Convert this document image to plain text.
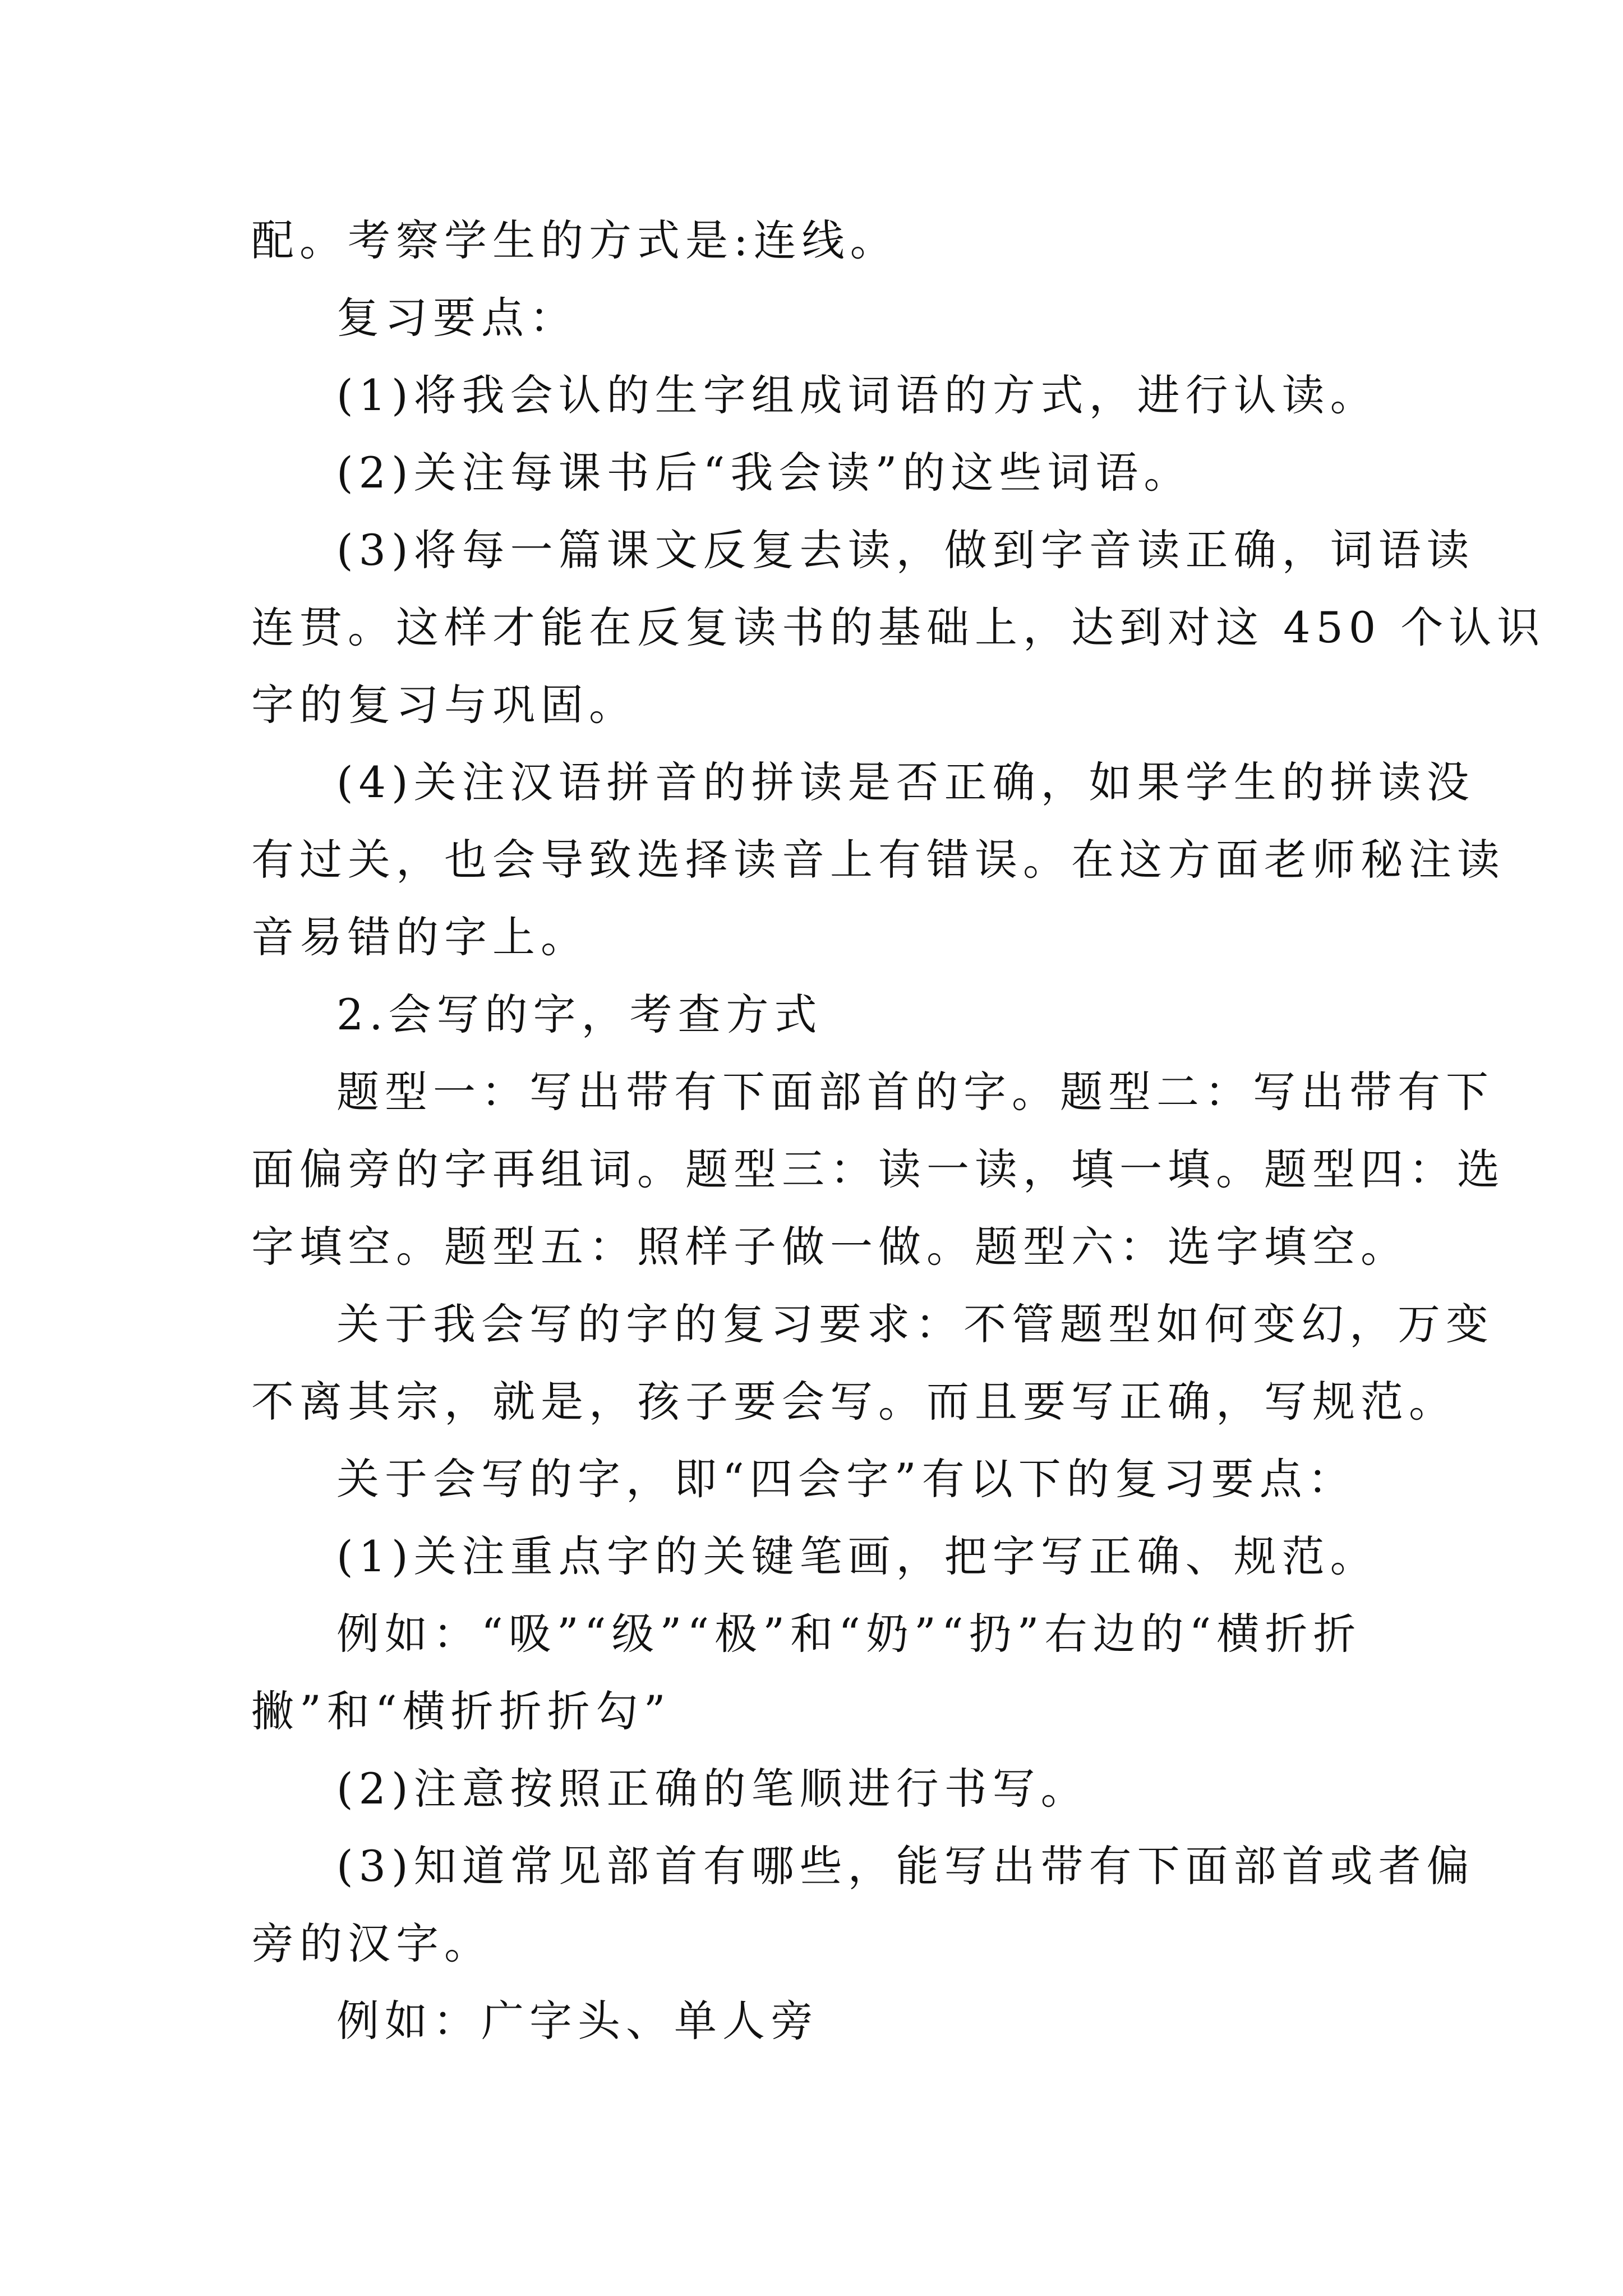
配。考察学生的方式是:连线。
复习要点：
(1)将我会认的生字组成词语的方式，进行认读。
(2)关注每课书后“我会读”的这些词语。
(3)将每一篇课文反复去读，做到字音读正确，词语读
连贯。这样才能在反复读书的基础上，达到对这 450 个认识
字的复习与巩固。
(4)关注汉语拼音的拼读是否正确，如果学生的拼读没
有过关，也会导致选择读音上有错误。在这方面老师秘注读
音易错的字上。
2.会写的字，考查方式
题型一：写出带有下面部首的字。题型二：写出带有下
面偏旁的字再组词。题型三：读一读，填一填。题型四：选
字填空。题型五：照样子做一做。题型六：选字填空。
关于我会写的字的复习要求：不管题型如何变幻，万变
不离其宗，就是，孩子要会写。而且要写正确，写规范。
关于会写的字，即“四会字”有以下的复习要点：
(1)关注重点字的关键笔画，把字写正确、规范。
例如：“吸”“级”“极”和“奶”“扔”右边的“横折折
撇”和“横折折折勾”
(2)注意按照正确的笔顺进行书写。
(3)知道常见部首有哪些，能写出带有下面部首或者偏
旁的汉字。
例如：广字头、单人旁
